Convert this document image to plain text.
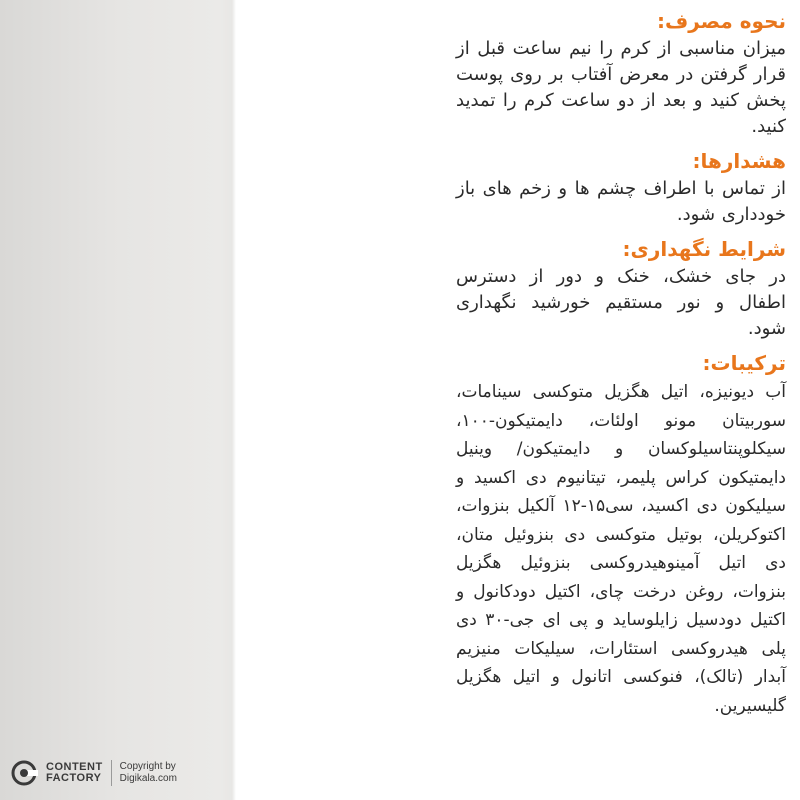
نحوه مصرف:

میزان مناسبی از کرم را نیم ساعت قبل از قرار گرفتن در معرض آفتاب بر روی پوست پخش کنید و بعد از دو ساعت کرم را تمدید کنید.

هشدارها:

از تماس با اطراف چشم ها و زخم های باز خودداری شود.

شرایط نگهداری:

در جای خشک، خنک و دور از دسترس اطفال و نور مستقیم خورشید نگهداری شود.

ترکیبات:

آب دیونیزه، اتیل هگزیل متوکسی سینامات، سوربیتان مونو اولئات، دایمتیکون-۱۰۰، سیکلوپنتاسیلوکسان و دایمتیکون/ وینیل دایمتیکون کراس پلیمر، تیتانیوم دی اکسید و سیلیکون دی اکسید، سی۱۵-۱۲ آلکیل بنزوات، اکتوکریلن، بوتیل متوکسی دی بنزوئیل متان، دی اتیل آمینوهیدروکسی بنزوئیل هگزیل بنزوات، روغن درخت چای، اکتیل دودکانول و اکتیل دودسیل زایلوساید و پی ای جی-۳۰ دی پلی هیدروکسی استئارات، سیلیکات منیزیم آبدار (تالک)، فنوکسی اتانول و اتیل هگزیل گلیسیرین.

CONTENT
FACTORY
Copyright by
Digikala.com
